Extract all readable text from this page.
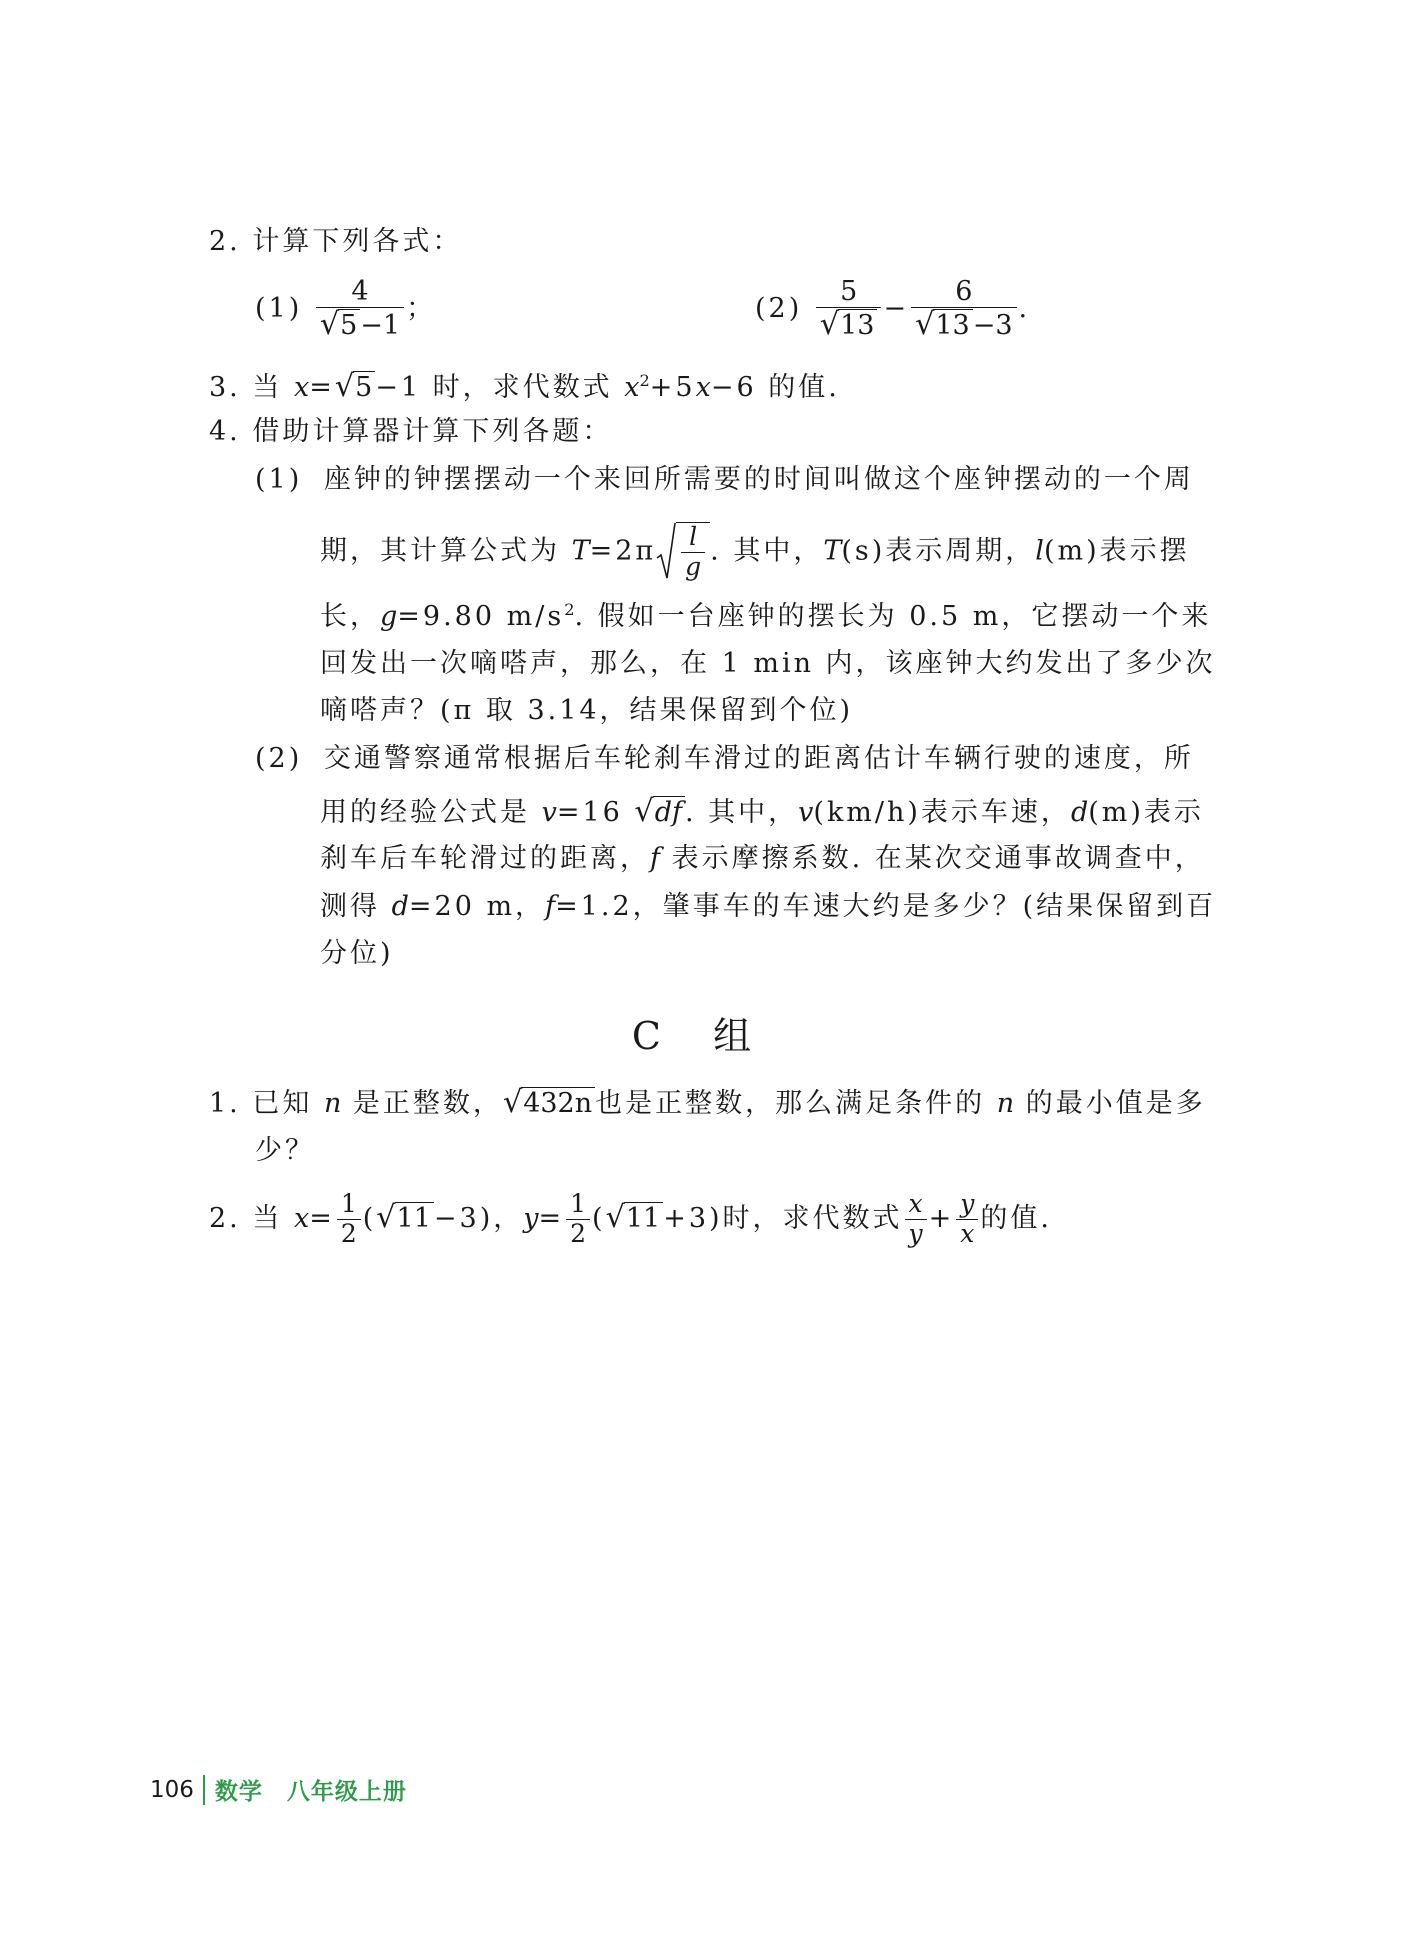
2. 计算下列各式：
$(1) \frac{4}{√5 -1}$ ；	$(2) \frac{5}{√13} - \frac{6}{√13 -3}$ .
3. 当 x=√5 −1 时，求代数式 $x^2+5x-6$ 的值.
4. 借助计算器计算下列各题：
(1) 座钟的钟摆摆动一个来回所需要的时间叫做这个座钟摆动的一个周
期，其计算公式为 $T=2\pi \frac{l}{g}$ . 其中，T(s)表示周期，l(m)表示摆
长，g=9.80 $m/s^2$. 假如一台座钟的摆长为 0.5 m，它摆动一个来
回发出一次嘀嗒声，那么，在 1 min 内，该座钟大约发出了多少次
嘀嗒声？(π 取 3.14，结果保留到个位)
(2) 交通警察通常根据后车轮刹车滑过的距离估计车辆行驶的速度，所
用的经验公式是 v=16 √df . 其中，v(km/h)表示车速，d(m)表示
刹车后车轮滑过的距离，f 表示摩擦系数. 在某次交通事故调查中，
测得 d=20 m，f=1.2，肇事车的车速大约是多少？(结果保留到百
分位)
C 组
1. 已知 n 是正整数，√432n 也是正整数，那么满足条件的 n 的最小值是多
少？
2. 当 $x= \frac{1}{2} (√11 -3)$，$y= \frac{1}{2} (√11 +3)$时，求代数式 $\frac{x}{y} + \frac{y}{x}$ 的值.
106 数学　八年级上册
